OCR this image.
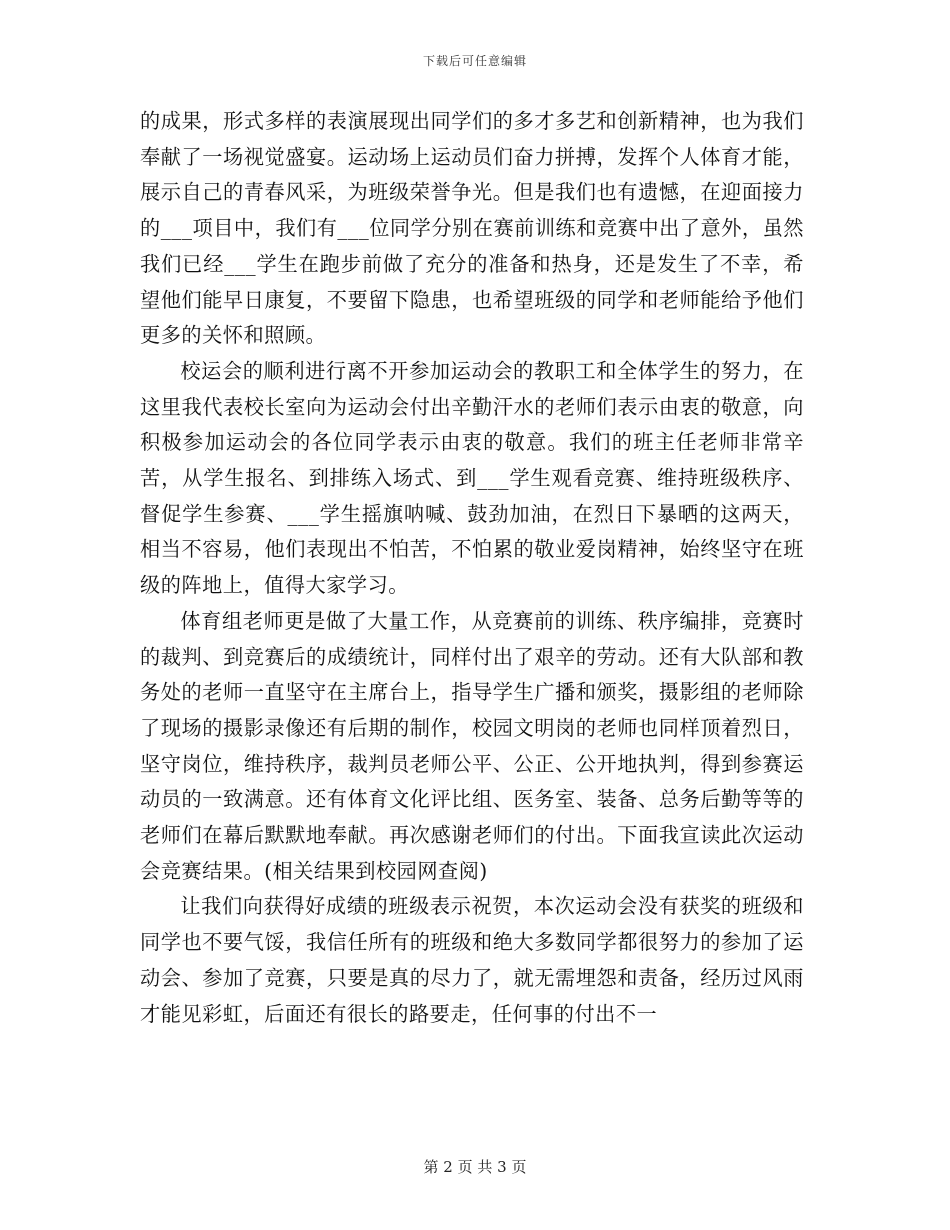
下载后可任意编辑

的成果，形式多样的表演展现出同学们的多才多艺和创新精神，也为我们奉献了一场视觉盛宴。运动场上运动员们奋力拼搏，发挥个人体育才能，展示自己的青春风采，为班级荣誉争光。但是我们也有遗憾，在迎面接力的___项目中，我们有___位同学分别在赛前训练和竞赛中出了意外，虽然我们已经___学生在跑步前做了充分的准备和热身，还是发生了不幸，希望他们能早日康复，不要留下隐患，也希望班级的同学和老师能给予他们更多的关怀和照顾。

校运会的顺利进行离不开参加运动会的教职工和全体学生的努力，在这里我代表校长室向为运动会付出辛勤汗水的老师们表示由衷的敬意，向积极参加运动会的各位同学表示由衷的敬意。我们的班主任老师非常辛苦，从学生报名、到排练入场式、到___学生观看竞赛、维持班级秩序、督促学生参赛、___学生摇旗呐喊、鼓劲加油，在烈日下暴晒的这两天，相当不容易，他们表现出不怕苦，不怕累的敬业爱岗精神，始终坚守在班级的阵地上，值得大家学习。

体育组老师更是做了大量工作，从竞赛前的训练、秩序编排，竞赛时的裁判、到竞赛后的成绩统计，同样付出了艰辛的劳动。还有大队部和教务处的老师一直坚守在主席台上，指导学生广播和颁奖，摄影组的老师除了现场的摄影录像还有后期的制作，校园文明岗的老师也同样顶着烈日，坚守岗位，维持秩序，裁判员老师公平、公正、公开地执判，得到参赛运动员的一致满意。还有体育文化评比组、医务室、装备、总务后勤等等的老师们在幕后默默地奉献。再次感谢老师们的付出。下面我宣读此次运动会竞赛结果。(相关结果到校园网查阅)

让我们向获得好成绩的班级表示祝贺，本次运动会没有获奖的班级和同学也不要气馁，我信任所有的班级和绝大多数同学都很努力的参加了运动会、参加了竞赛，只要是真的尽力了，就无需埋怨和责备，经历过风雨才能见彩虹，后面还有很长的路要走，任何事的付出不一

第 2 页 共 3 页
